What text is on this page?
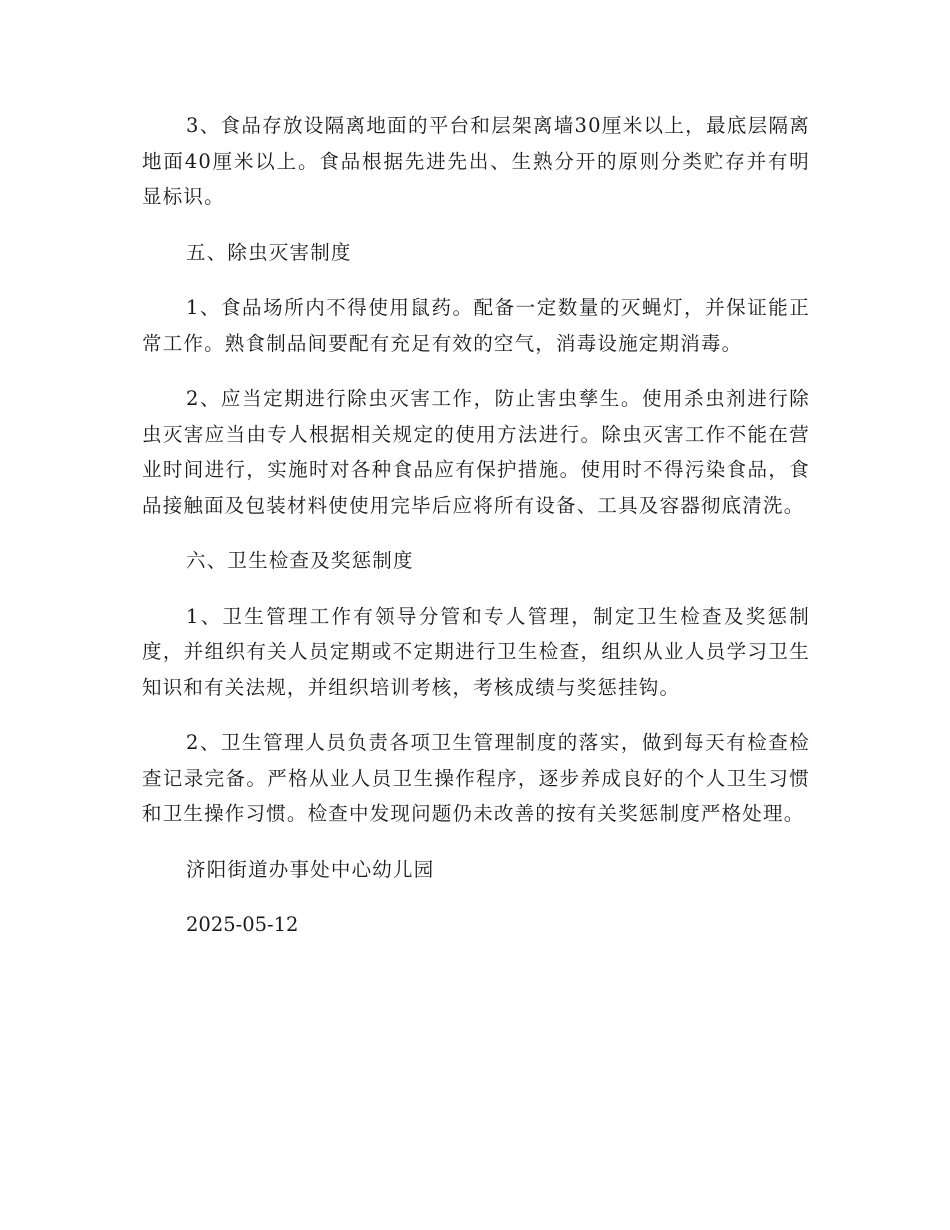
3、食品存放设隔离地面的平台和层架离墙30厘米以上，最底层隔离地面40厘米以上。食品根据先进先出、生熟分开的原则分类贮存并有明显标识。

五、除虫灭害制度

1、食品场所内不得使用鼠药。配备一定数量的灭蝇灯，并保证能正常工作。熟食制品间要配有充足有效的空气，消毒设施定期消毒。

2、应当定期进行除虫灭害工作，防止害虫孳生。使用杀虫剂进行除虫灭害应当由专人根据相关规定的使用方法进行。除虫灭害工作不能在营业时间进行，实施时对各种食品应有保护措施。使用时不得污染食品，食品接触面及包装材料使使用完毕后应将所有设备、工具及容器彻底清洗。

六、卫生检查及奖惩制度

1、卫生管理工作有领导分管和专人管理，制定卫生检查及奖惩制度，并组织有关人员定期或不定期进行卫生检查，组织从业人员学习卫生知识和有关法规，并组织培训考核，考核成绩与奖惩挂钩。

2、卫生管理人员负责各项卫生管理制度的落实，做到每天有检查检查记录完备。严格从业人员卫生操作程序，逐步养成良好的个人卫生习惯和卫生操作习惯。检查中发现问题仍未改善的按有关奖惩制度严格处理。

济阳街道办事处中心幼儿园

2025-05-12
